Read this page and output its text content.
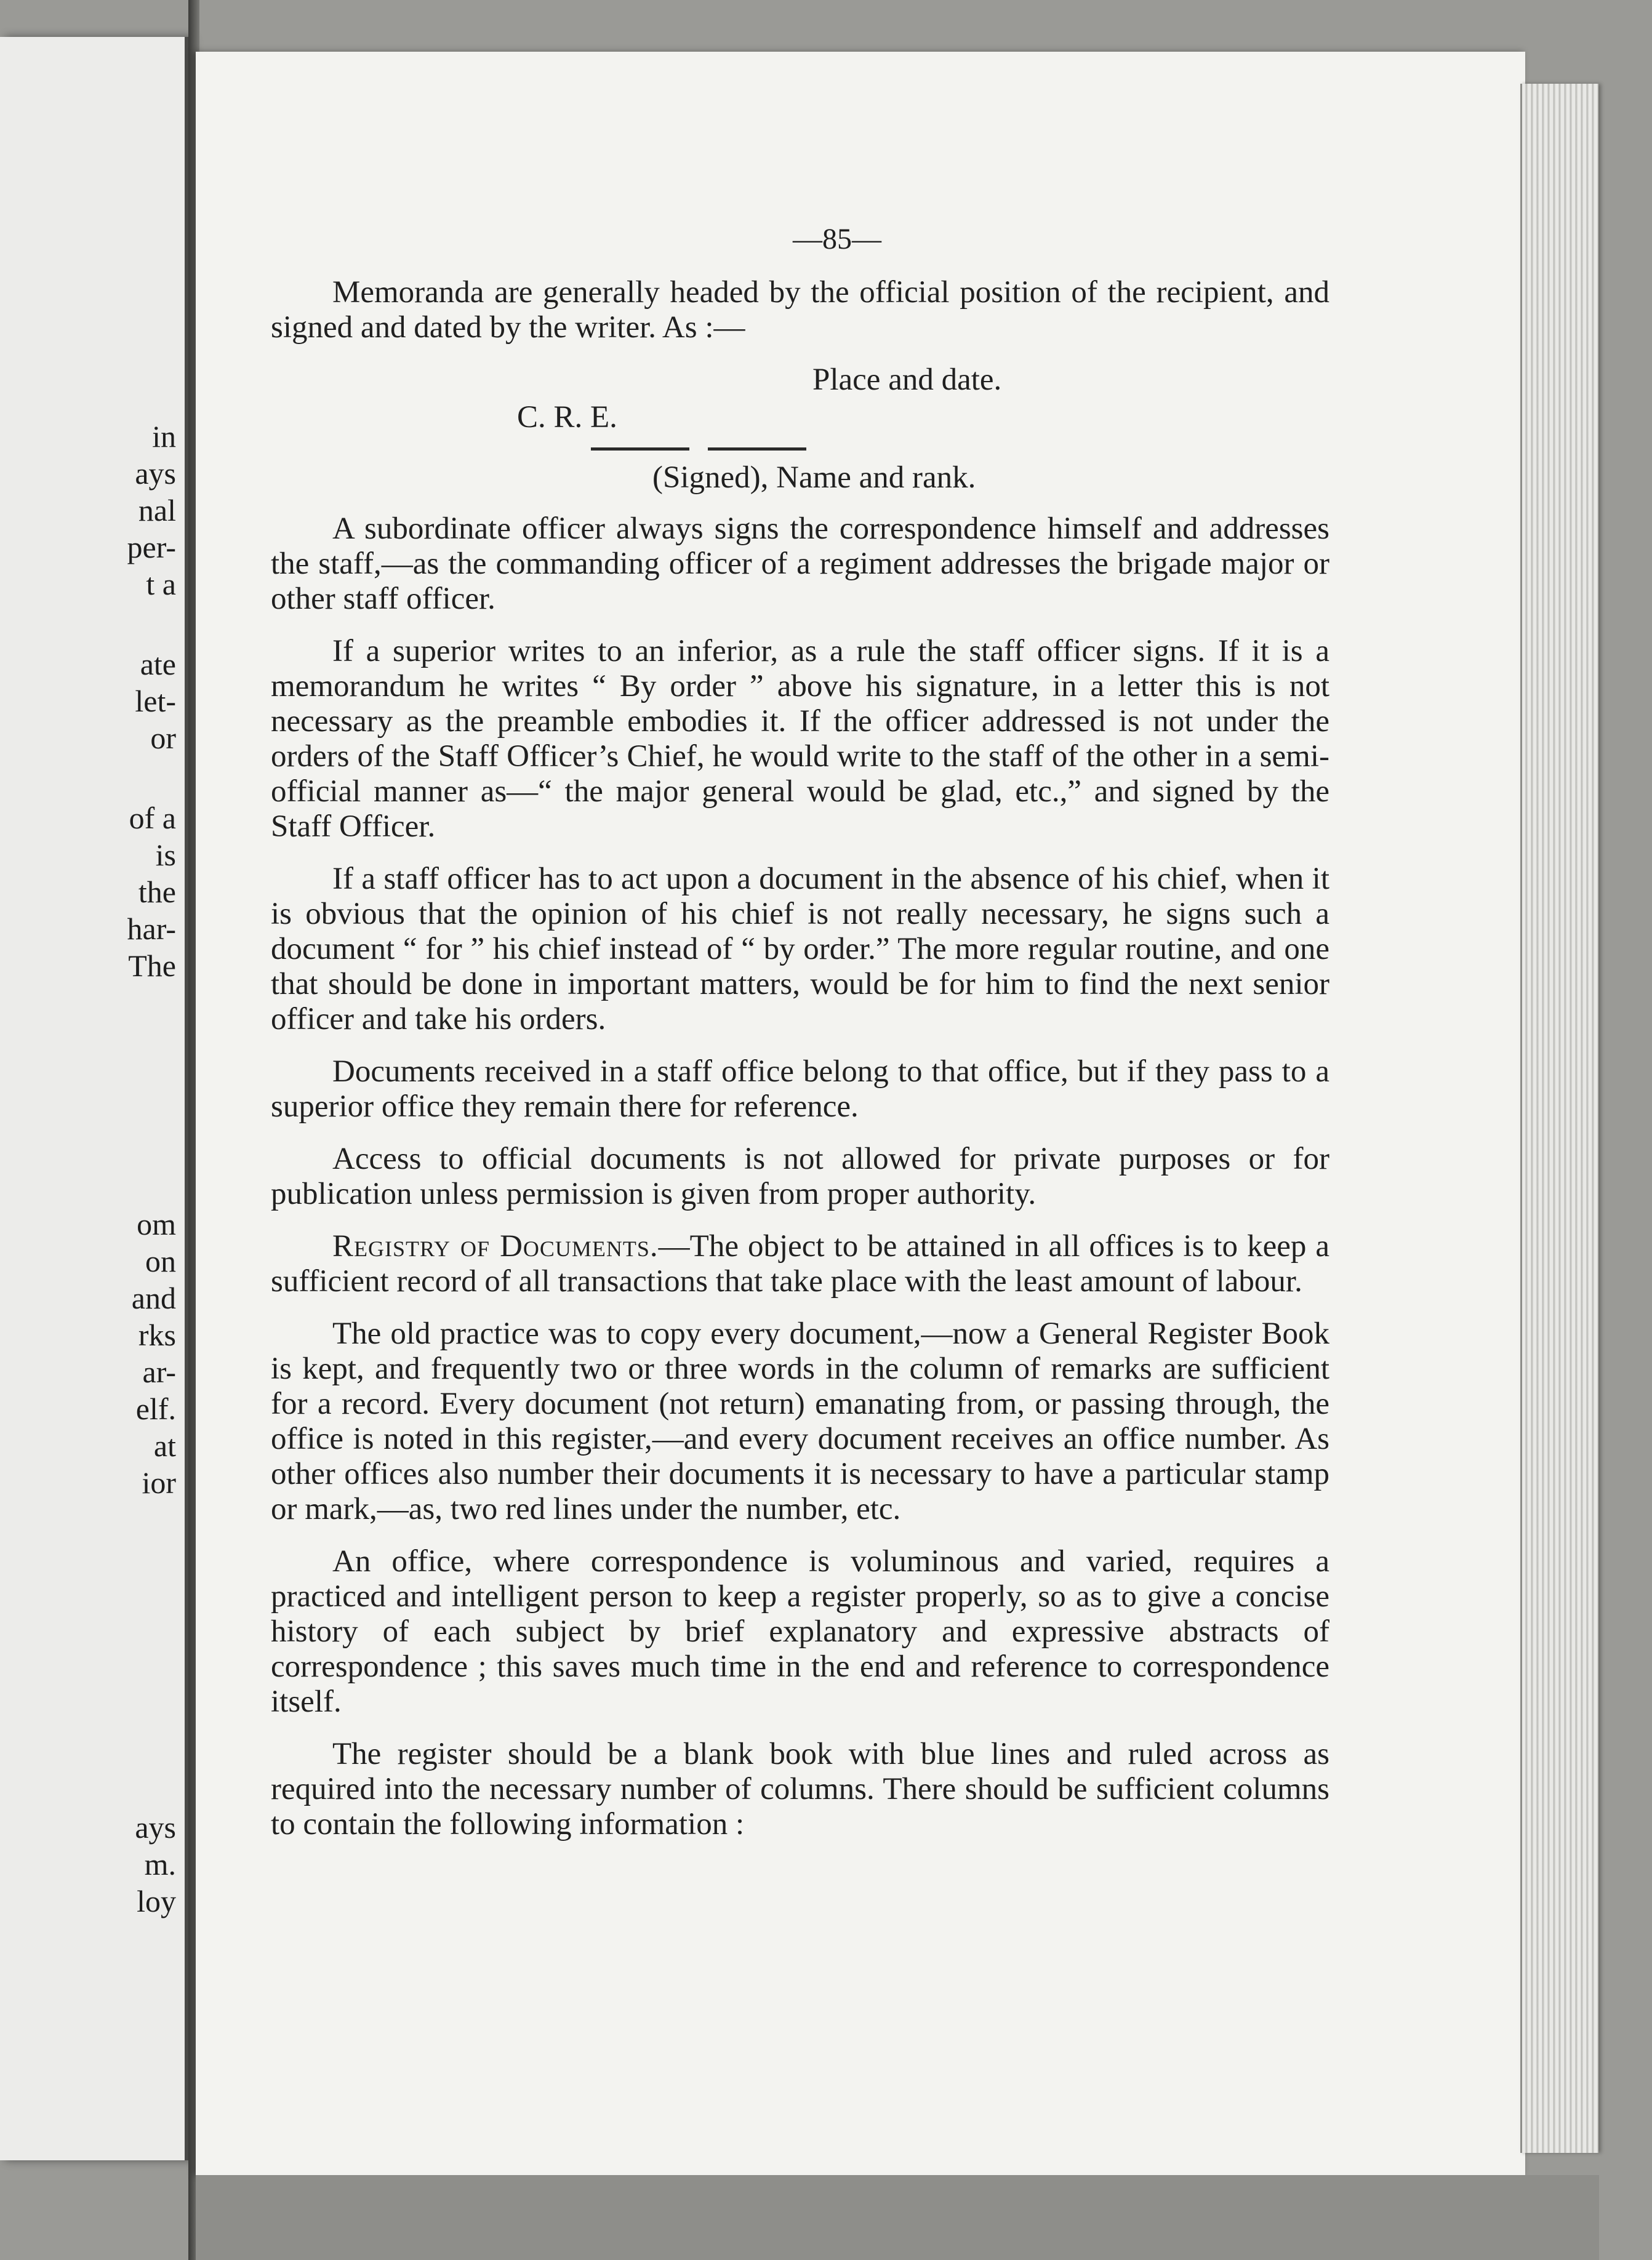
in
ays
nal
per-
t a
ate
let-
or
of a
is
the
har-
The
om
on
and
rks
ar-
elf.
at
ior
ays
m.
loy
—85—

Memoranda are generally headed by the official position of the recipient, and signed and dated by the writer. As :—

Place and date.
C. R. E.
(Signed), Name and rank.

A subordinate officer always signs the correspondence himself and addresses the staff,—as the commanding officer of a regiment addresses the brigade major or other staff officer.

If a superior writes to an inferior, as a rule the staff officer signs. If it is a memorandum he writes “ By order ” above his signature, in a letter this is not necessary as the preamble embodies it. If the officer addressed is not under the orders of the Staff Officer’s Chief, he would write to the staff of the other in a semi-official manner as—“ the major general would be glad, etc.,” and signed by the Staff Officer.

If a staff officer has to act upon a document in the absence of his chief, when it is obvious that the opinion of his chief is not really necessary, he signs such a document “ for ” his chief instead of “ by order.” The more regular routine, and one that should be done in important matters, would be for him to find the next senior officer and take his orders.

Documents received in a staff office belong to that office, but if they pass to a superior office they remain there for reference.

Access to official documents is not allowed for private purposes or for publication unless permission is given from proper authority.

Registry of Documents.—The object to be attained in all offices is to keep a sufficient record of all transactions that take place with the least amount of labour.

The old practice was to copy every document,—now a General Register Book is kept, and frequently two or three words in the column of remarks are sufficient for a record. Every document (not return) emanating from, or passing through, the office is noted in this register,—and every document receives an office number. As other offices also number their documents it is necessary to have a particular stamp or mark,—as, two red lines under the number, etc.

An office, where correspondence is voluminous and varied, requires a practiced and intelligent person to keep a register properly, so as to give a concise history of each subject by brief explanatory and expressive abstracts of correspondence ; this saves much time in the end and reference to correspondence itself.

The register should be a blank book with blue lines and ruled across as required into the necessary number of columns. There should be sufficient columns to contain the following information :
